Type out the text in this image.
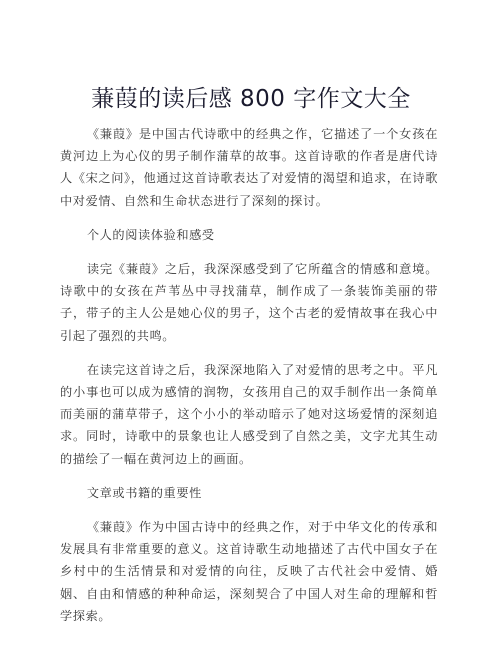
蒹葭的读后感 800 字作文大全

《蒹葭》是中国古代诗歌中的经典之作，它描述了一个女孩在黄河边上为心仪的男子制作蒲草的故事。这首诗歌的作者是唐代诗人《宋之问》，他通过这首诗歌表达了对爱情的渴望和追求，在诗歌中对爱情、自然和生命状态进行了深刻的探讨。

个人的阅读体验和感受

读完《蒹葭》之后，我深深感受到了它所蕴含的情感和意境。诗歌中的女孩在芦苇丛中寻找蒲草，制作成了一条装饰美丽的带子，带子的主人公是她心仪的男子，这个古老的爱情故事在我心中引起了强烈的共鸣。

在读完这首诗之后，我深深地陷入了对爱情的思考之中。平凡的小事也可以成为感情的润物，女孩用自己的双手制作出一条简单而美丽的蒲草带子，这个小小的举动暗示了她对这场爱情的深刻追求。同时，诗歌中的景象也让人感受到了自然之美，文字尤其生动的描绘了一幅在黄河边上的画面。

文章或书籍的重要性

《蒹葭》作为中国古诗中的经典之作，对于中华文化的传承和发展具有非常重要的意义。这首诗歌生动地描述了古代中国女子在乡村中的生活情景和对爱情的向往，反映了古代社会中爱情、婚姻、自由和情感的种种命运，深刻契合了中国人对生命的理解和哲学探索。
